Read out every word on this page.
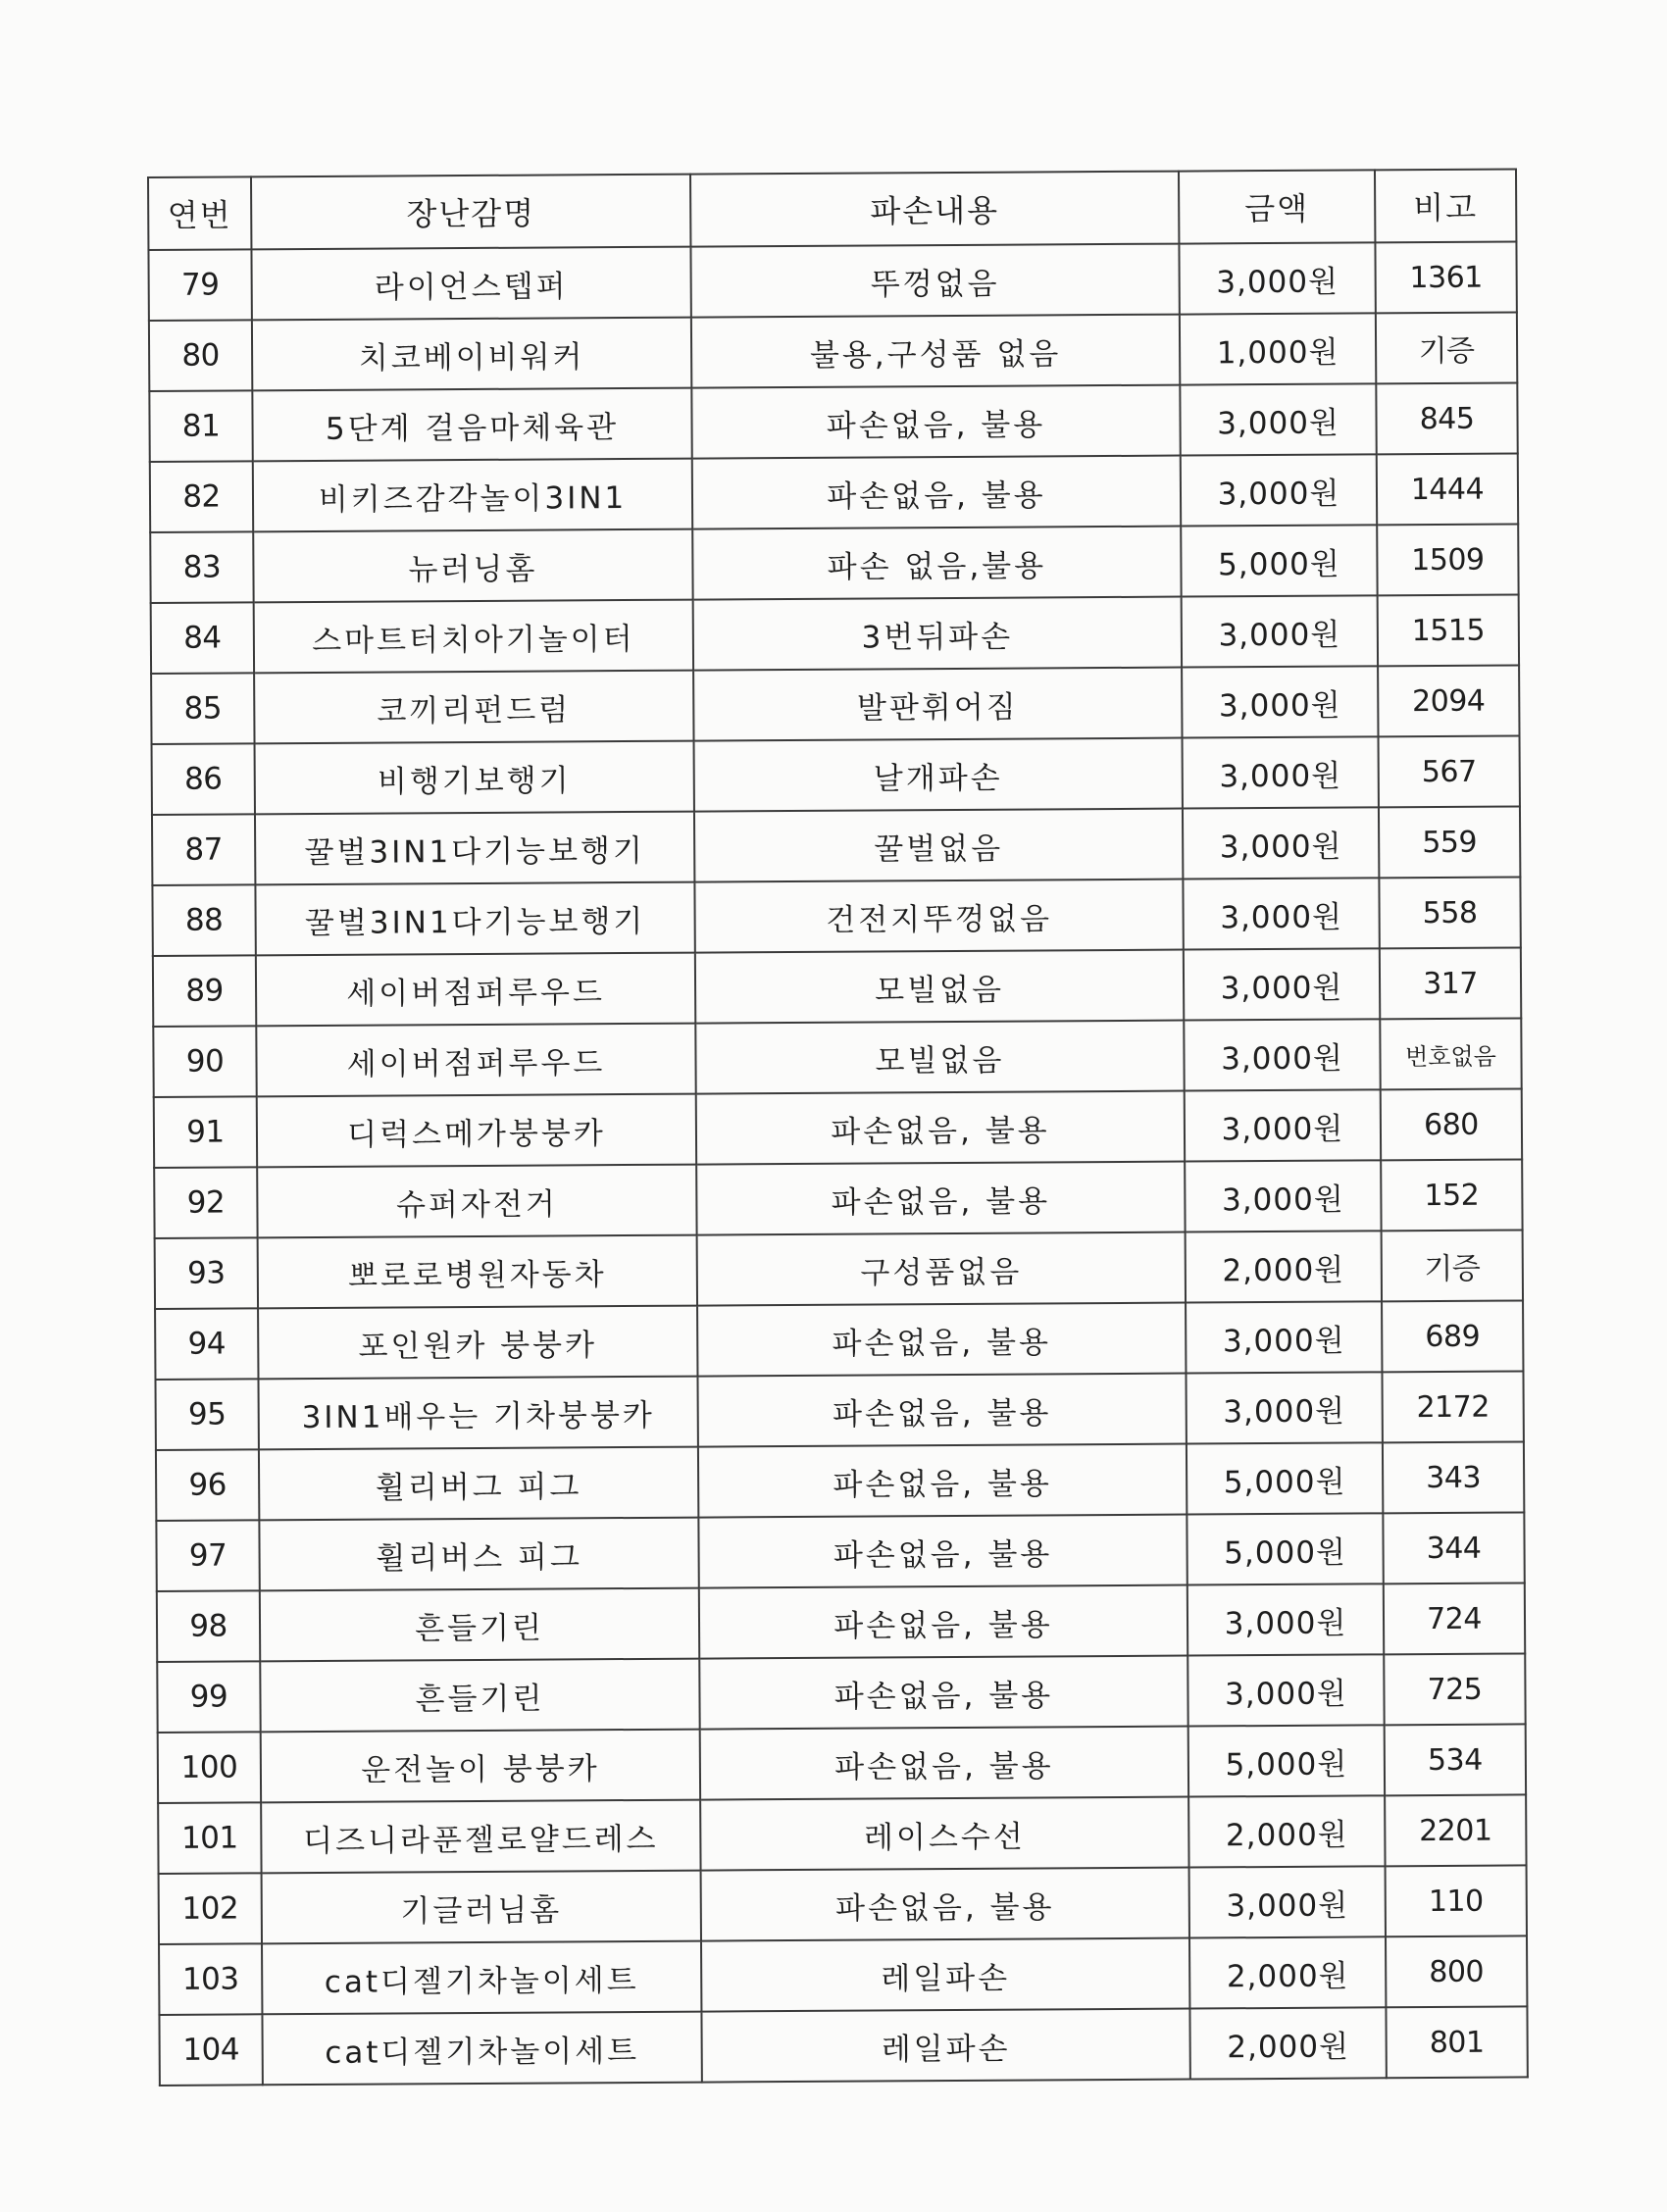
연번	장난감명	파손내용	금액	비고
79	라이언스텝퍼	뚜껑없음	3,000원	1361
80	치코베이비워커	불용,구성품 없음	1,000원	기증
81	5단계 걸음마체육관	파손없음, 불용	3,000원	845
82	비키즈감각놀이3IN1	파손없음, 불용	3,000원	1444
83	뉴러닝홈	파손 없음,불용	5,000원	1509
84	스마트터치아기놀이터	3번뒤파손	3,000원	1515
85	코끼리펀드럼	발판휘어짐	3,000원	2094
86	비행기보행기	날개파손	3,000원	567
87	꿀벌3IN1다기능보행기	꿀벌없음	3,000원	559
88	꿀벌3IN1다기능보행기	건전지뚜껑없음	3,000원	558
89	세이버점퍼루우드	모빌없음	3,000원	317
90	세이버점퍼루우드	모빌없음	3,000원	번호없음
91	디럭스메가붕붕카	파손없음, 불용	3,000원	680
92	슈퍼자전거	파손없음, 불용	3,000원	152
93	뽀로로병원자동차	구성품없음	2,000원	기증
94	포인원카 붕붕카	파손없음, 불용	3,000원	689
95	3IN1배우는 기차붕붕카	파손없음, 불용	3,000원	2172
96	휠리버그 피그	파손없음, 불용	5,000원	343
97	휠리버스 피그	파손없음, 불용	5,000원	344
98	흔들기린	파손없음, 불용	3,000원	724
99	흔들기린	파손없음, 불용	3,000원	725
100	운전놀이 붕붕카	파손없음, 불용	5,000원	534
101	디즈니라푼젤로얄드레스	레이스수선	2,000원	2201
102	기글러님홈	파손없음, 불용	3,000원	110
103	cat디젤기차놀이세트	레일파손	2,000원	800
104	cat디젤기차놀이세트	레일파손	2,000원	801
